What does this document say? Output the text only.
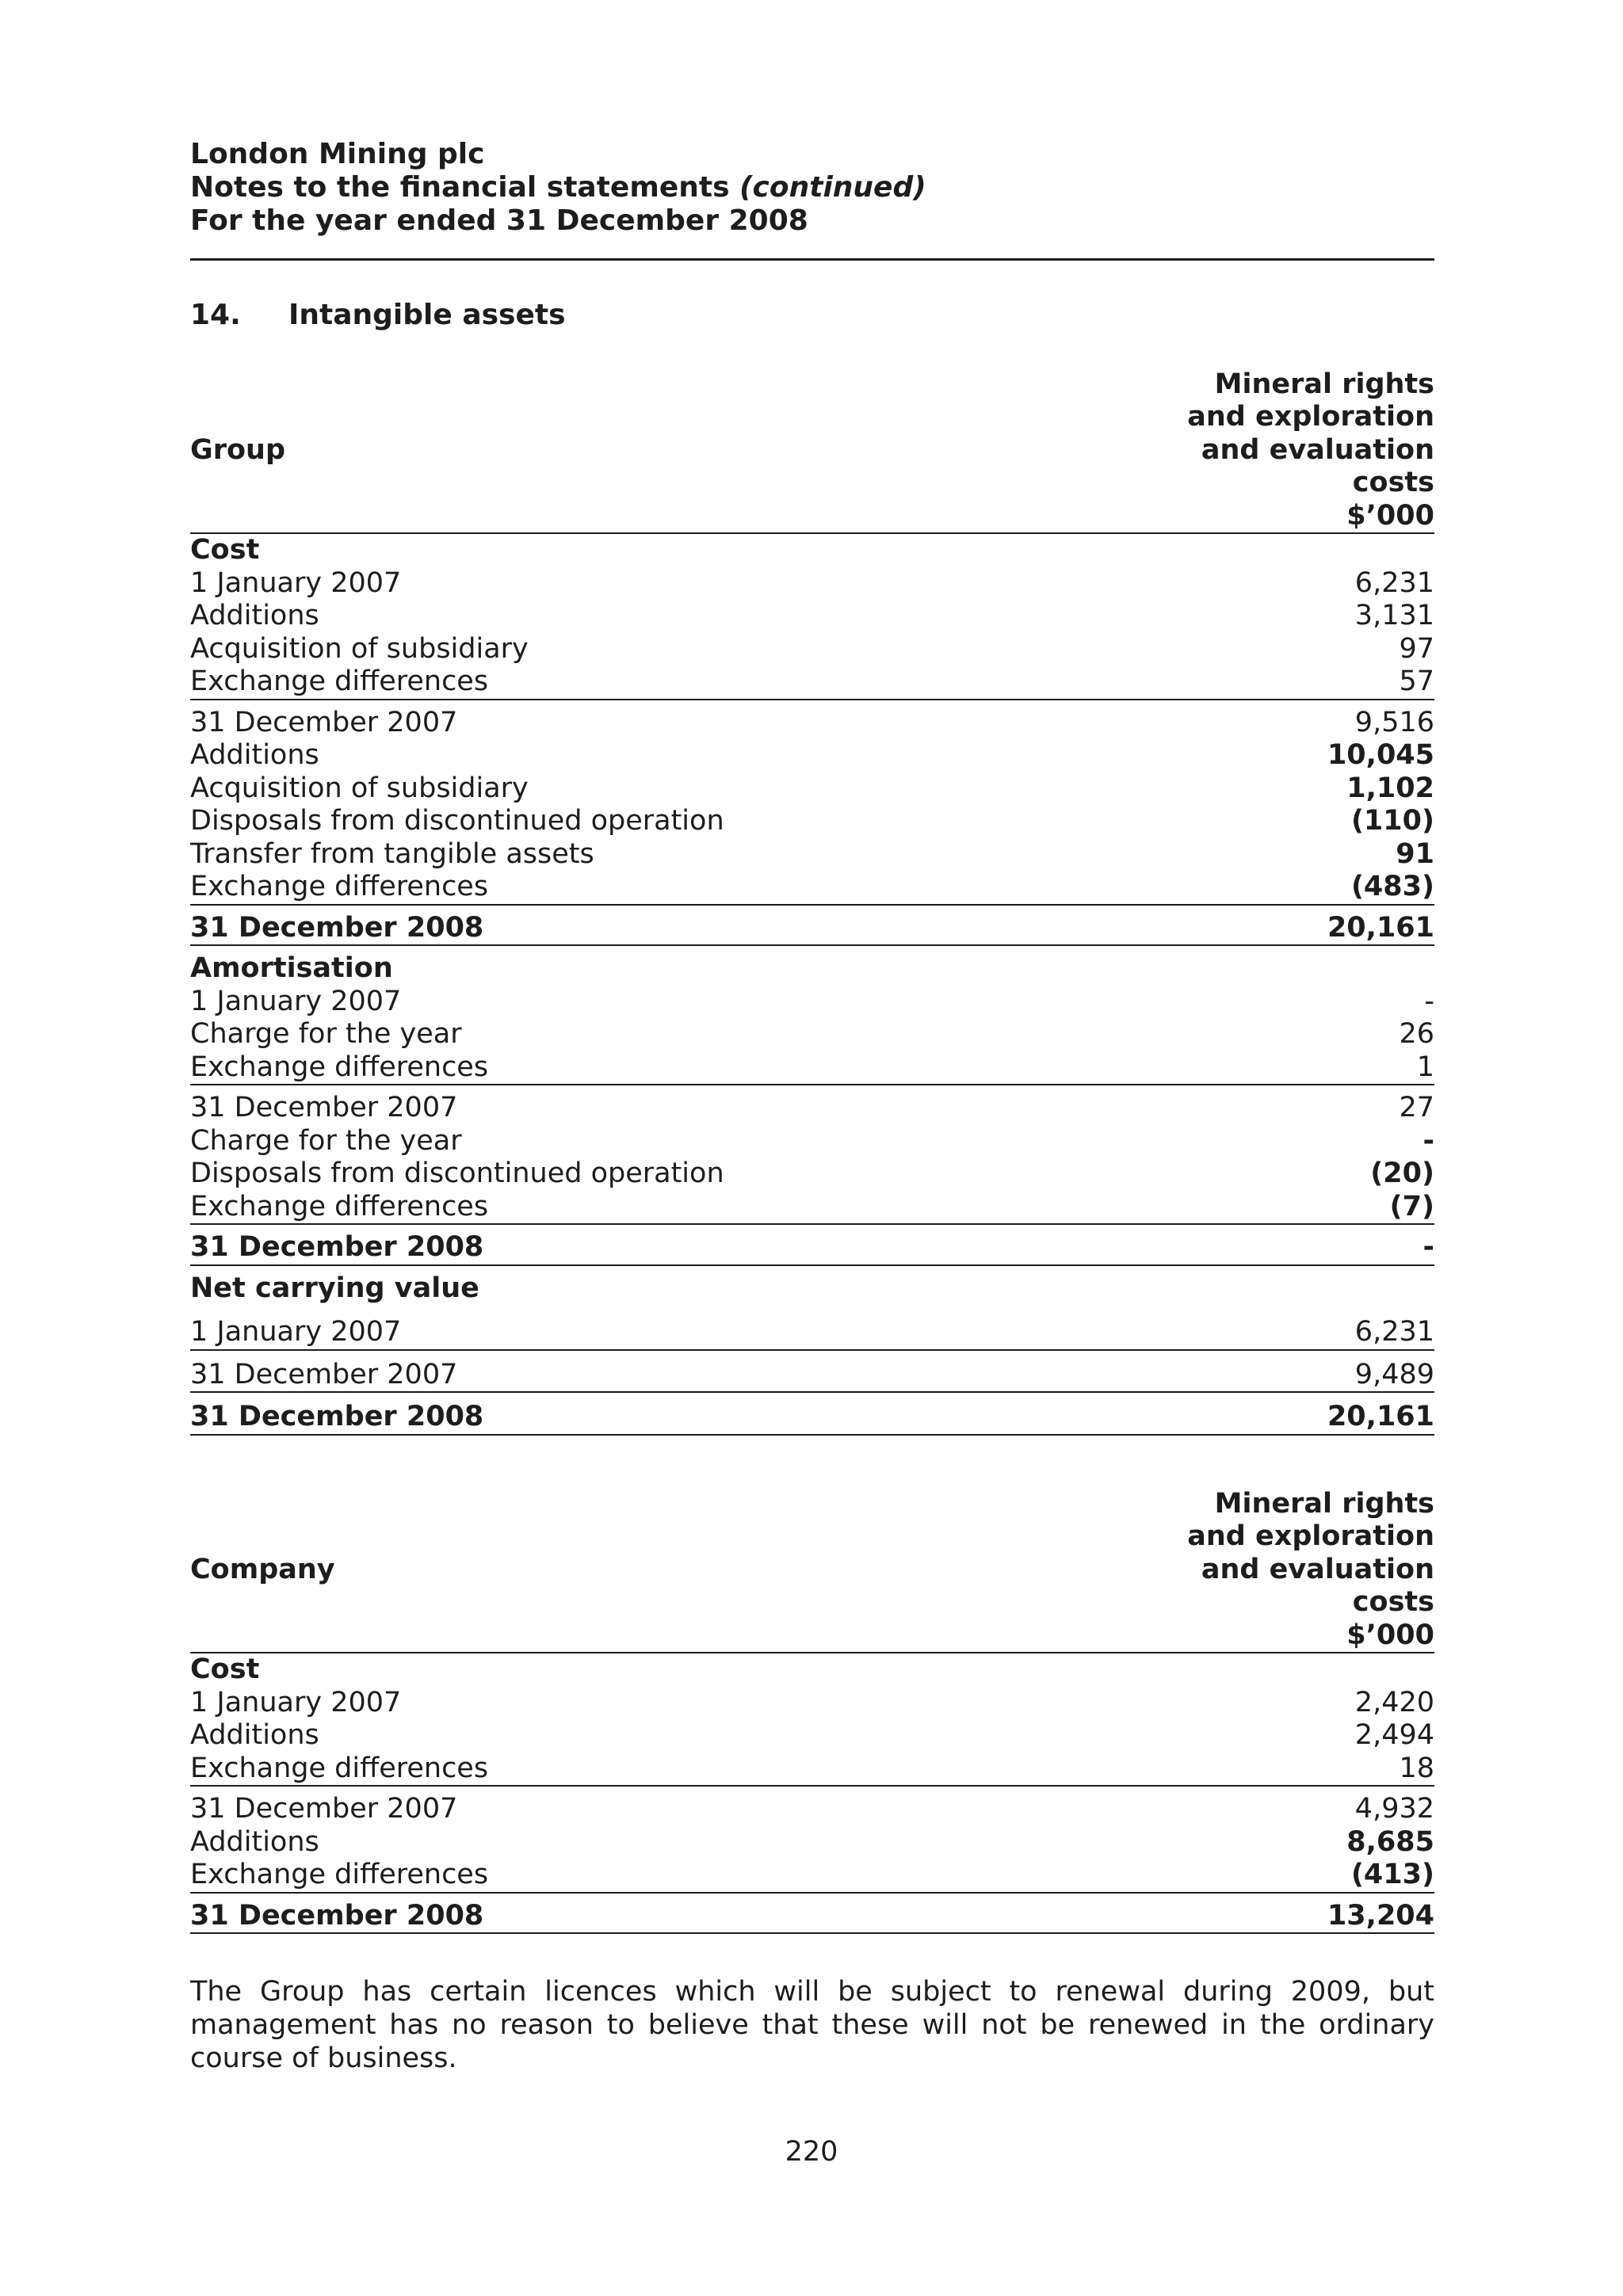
London Mining plc
Notes to the financial statements (continued)
For the year ended 31 December 2008
14.	Intangible assets
Group
Mineral rights
and exploration
and evaluation
costs
$’000
Cost
1 January 2007	6,231
Additions	3,131
Acquisition of subsidiary	97
Exchange differences	57
31 December 2007	9,516
Additions	10,045
Acquisition of subsidiary	1,102
Disposals from discontinued operation	(110)
Transfer from tangible assets	91
Exchange differences	(483)
31 December 2008	20,161
Amortisation
1 January 2007	-
Charge for the year	26
Exchange differences	1
31 December 2007	27
Charge for the year	-
Disposals from discontinued operation	(20)
Exchange differences	(7)
31 December 2008	-
Net carrying value
1 January 2007	6,231
31 December 2007	9,489
31 December 2008	20,161
Company
Mineral rights
and exploration
and evaluation
costs
$’000
Cost
1 January 2007	2,420
Additions	2,494
Exchange differences	18
31 December 2007	4,932
Additions	8,685
Exchange differences	(413)
31 December 2008	13,204
The Group has certain licences which will be subject to renewal during 2009, but management has no reason to believe that these will not be renewed in the ordinary course of business.
220
